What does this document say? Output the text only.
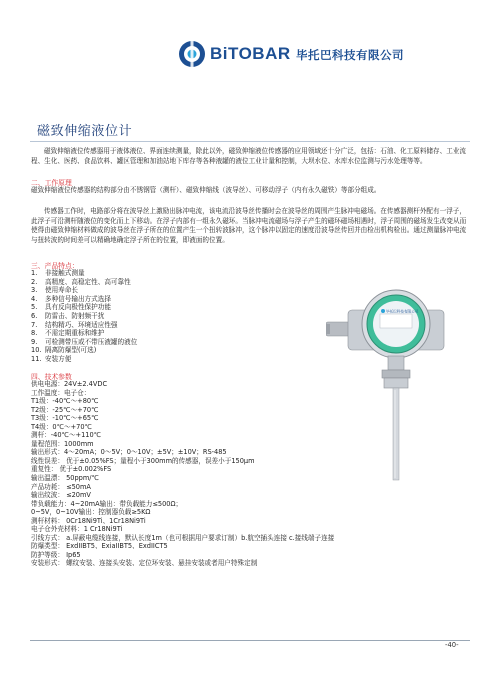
BiTOBAR 毕托巴科技有限公司
磁致伸缩液位计
磁致伸缩液位传感器用于液体液位、界面连续测量，除此以外，磁致伸缩液位传感器的应用领域还十分广泛，包括：石油、化工原料储存、工业流程、生化、医药、食品饮料、罐区管理和加油站地下库存等各种液罐的液位工业计量和控制，大坝水位、水库水位监测与污水处理等等。
二、工作原理
磁致伸缩液位传感器的结构部分由不锈钢管（测杆）、磁致伸缩线（波导丝）、可移动浮子（内有永久磁铁）等部分组成。
传感器工作时，电路部分将在波导丝上激励出脉冲电流，该电流沿波导丝传播时会在波导丝的周围产生脉冲电磁场。在传感器测杆外配有一浮子，此浮子可沿测杆随液位的变化而上下移动。在浮子内部有一组永久磁环。当脉冲电流磁场与浮子产生的磁环磁场相遇时，浮子周围的磁场发生改变从而使得由磁致伸缩材料做成的波导丝在浮子所在的位置产生一个扭转波脉冲，这个脉冲以固定的速度沿波导丝传回并由检出机构检出。通过测量脉冲电流与扭转波的时间差可以精确地确定浮子所在的位置，即液面的位置。
三、产品特点：
1.	非接触式测量
2.	高精度、高稳定性、高可靠性
3.	使用寿命长
4.	多种信号输出方式选择
5.	具有反向极性保护功能
6.	防雷击、防射频干扰
7.	结构精巧、环境适应性强
8.	不需定期重标和维护
9.	可检测带压或不带压液罐的液位
10. 隔离防爆型(可选)
11. 安装方便
四、技术参数
供电电源：24V±2.4VDC
工作温度：电子仓：
T1级：-40℃～+80℃
T2级：-25℃～+70℃
T3级：-10℃～+65℃
T4级：0℃～+70℃
测杆：-40℃～+110℃
量程范围：1000mm
输出形式：4～20mA；0～5V；0～10V；±5V；±10V；RS-485
线性误差： 优于±0.05%FS；量程小于300mm的传感器，误差小于150μm
重复性： 优于±0.002%FS
输出温漂： 50ppm/℃
产品功耗： ≤50mA
输出纹波： ≤20mV
带负载能力：4~20mA输出：带负载能力≤500Ω；
0~5V，0~10V输出：控制器负载≥5KΩ
测杆材料： 0Cr18Ni9Ti、1Cr18Ni9Ti
电子仓外壳材料：1 Cr18Ni9Ti
引线方式： a.屏蔽电缆线连接，默认长度1m（也可根据用户要求订制）b.航空插头连接 c.接线端子连接
防爆类型： ExdIIBT5、ExiaIIBT5、ExdIICT5
防护等级： Ip65
安装形式： 螺纹安装、连接头安装、定位环安装、悬挂安装或者用户特殊定制
毕托巴科技有限公司
-40-
